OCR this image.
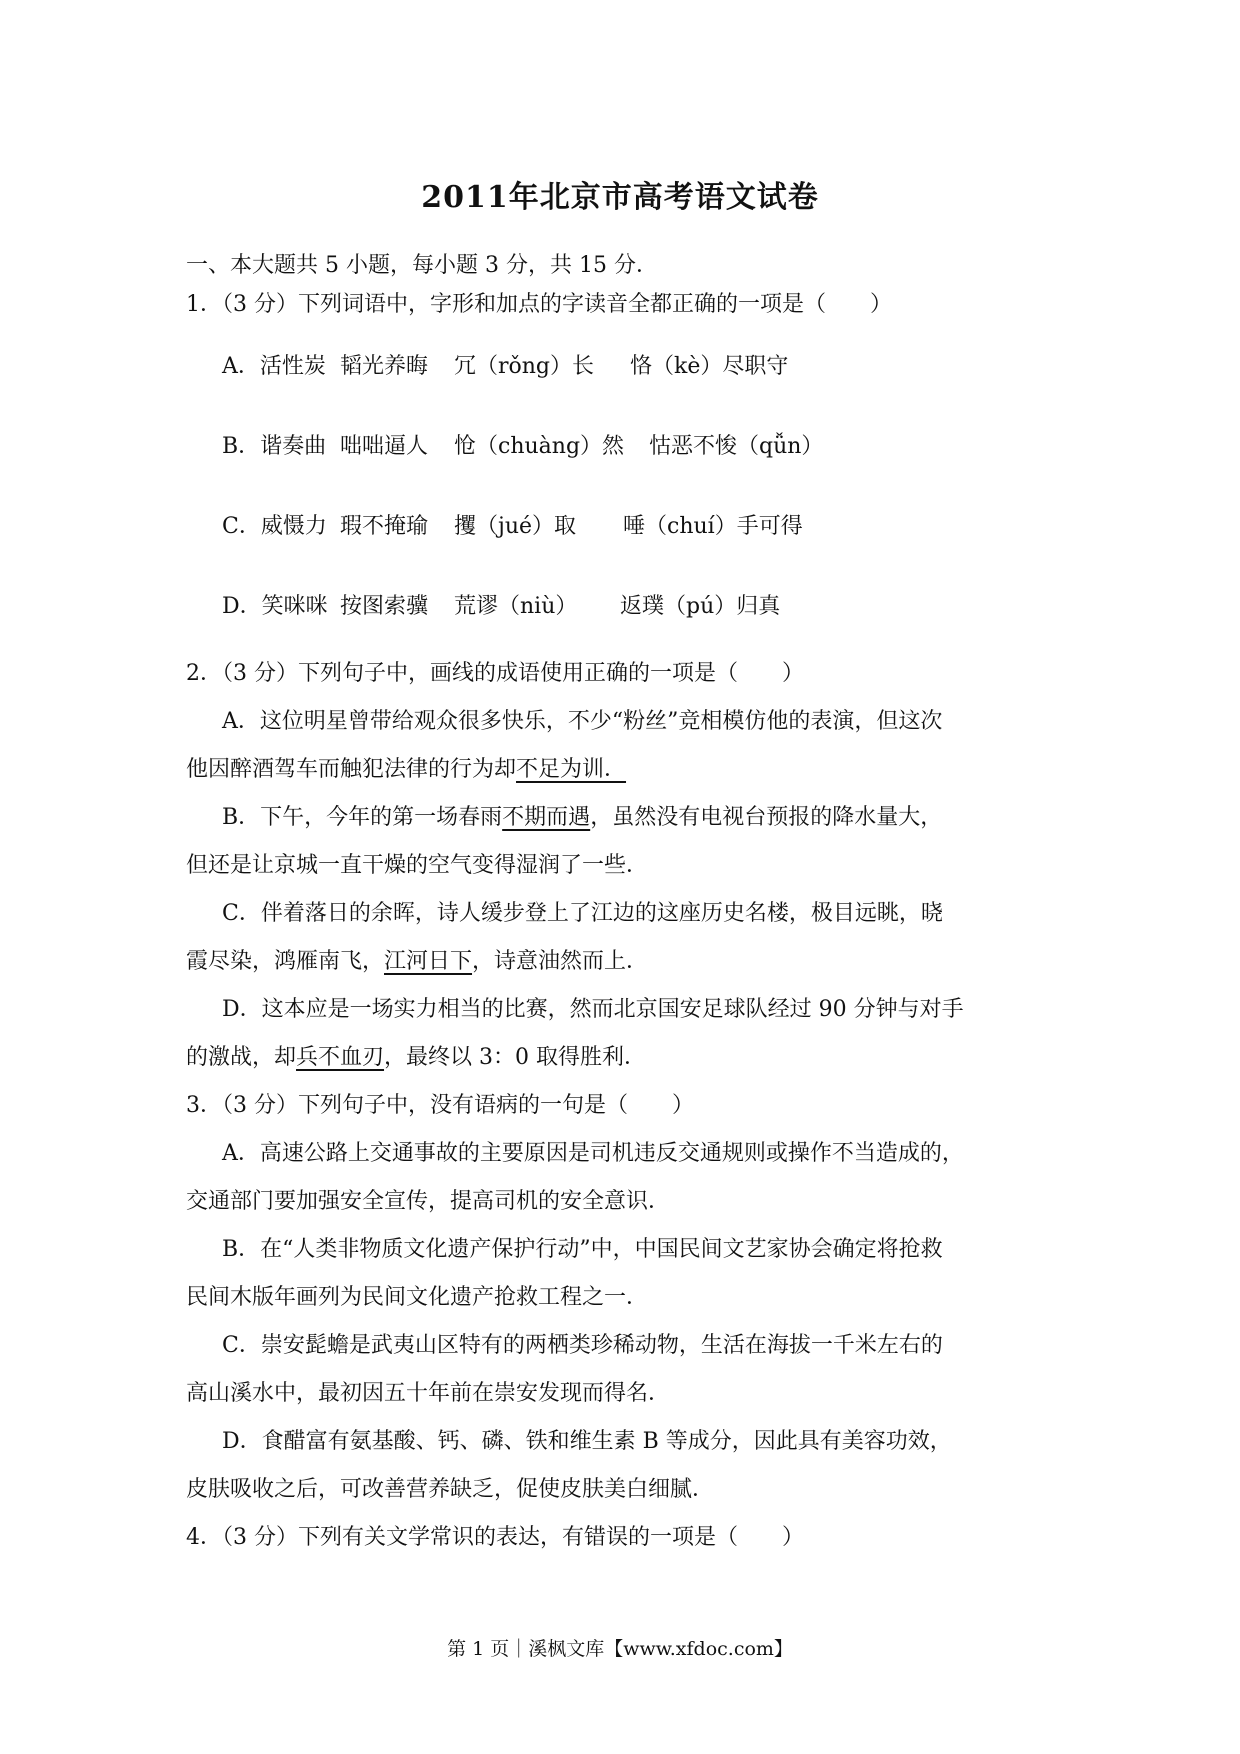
2011年北京市高考语文试卷
一、本大题共 5 小题，每小题 3 分，共 15 分．
1．（3 分）下列词语中，字形和加点的字读音全都正确的一项是（　　）
A．活性炭 韬光养晦 冗（rǒng）长 恪（kè）尽职守
B．谐奏曲 咄咄逼人 怆（chuàng）然 怙恶不悛（qǚn）
C．威慑力 瑕不掩瑜 攫（jué）取 唾（chuí）手可得
D．笑咪咪 按图索骥 荒谬（niù） 返璞（pú）归真
2．（3 分）下列句子中，画线的成语使用正确的一项是（　　）
A．这位明星曾带给观众很多快乐，不少“粉丝”竞相模仿他的表演，但这次
他因醉酒驾车而触犯法律的行为却不足为训．
B．下午，今年的第一场春雨不期而遇，虽然没有电视台预报的降水量大，
但还是让京城一直干燥的空气变得湿润了一些．
C．伴着落日的余晖，诗人缓步登上了江边的这座历史名楼，极目远眺，晓
霞尽染，鸿雁南飞，江河日下，诗意油然而上．
D．这本应是一场实力相当的比赛，然而北京国安足球队经过 90 分钟与对手
的激战，却兵不血刃，最终以 3：0 取得胜利．
3．（3 分）下列句子中，没有语病的一句是（　　）
A．高速公路上交通事故的主要原因是司机违反交通规则或操作不当造成的，
交通部门要加强安全宣传，提高司机的安全意识．
B．在“人类非物质文化遗产保护行动”中，中国民间文艺家协会确定将抢救
民间木版年画列为民间文化遗产抢救工程之一．
C．崇安髭蟾是武夷山区特有的两栖类珍稀动物，生活在海拔一千米左右的
高山溪水中，最初因五十年前在崇安发现而得名．
D．食醋富有氨基酸、钙、磷、铁和维生素 B 等成分，因此具有美容功效，
皮肤吸收之后，可改善营养缺乏，促使皮肤美白细腻．
4．（3 分）下列有关文学常识的表达，有错误的一项是（　　）
第 1 页｜溪枫文库【www.xfdoc.com】
